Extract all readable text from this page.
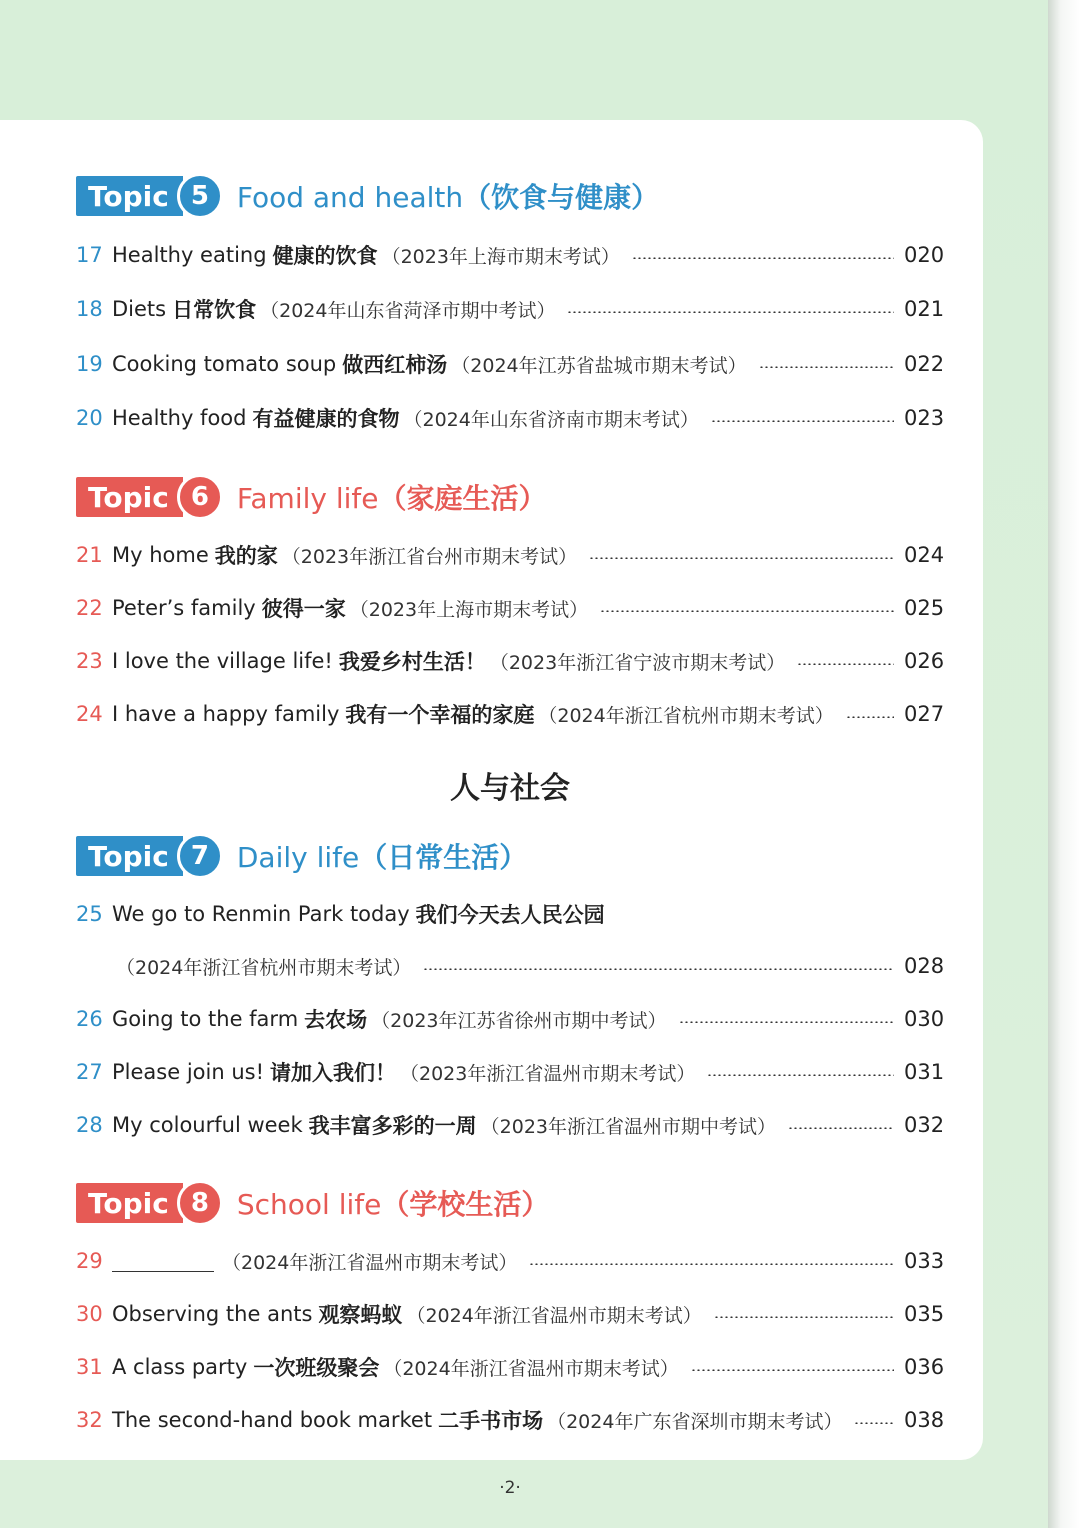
Topic 5 Food and health（饮食与健康）
17 Healthy eating 健康的饮食 （2023年上海市期末考试）	020
18 Diets 日常饮食 （2024年山东省菏泽市期中考试）	021
19 Cooking tomato soup 做西红柿汤 （2024年江苏省盐城市期末考试）	022
20 Healthy food 有益健康的食物 （2024年山东省济南市期末考试）	023
Topic 6 Family life（家庭生活）
21 My home 我的家 （2023年浙江省台州市期末考试）	024
22 Peter’s family 彼得一家 （2023年上海市期末考试）	025
23 I love the village life! 我爱乡村生活！ （2023年浙江省宁波市期末考试）	026
24 I have a happy family 我有一个幸福的家庭 （2024年浙江省杭州市期末考试）	027
人与社会
Topic 7 Daily life（日常生活）
25 We go to Renmin Park today 我们今天去人民公园
（2024年浙江省杭州市期末考试）	028
26 Going to the farm 去农场 （2023年江苏省徐州市期中考试）	030
27 Please join us! 请加入我们！ （2023年浙江省温州市期末考试）	031
28 My colourful week 我丰富多彩的一周 （2023年浙江省温州市期中考试）	032
Topic 8 School life（学校生活）
29	（2024年浙江省温州市期末考试）	033
30 Observing the ants 观察蚂蚁 （2024年浙江省温州市期末考试）	035
31 A class party 一次班级聚会 （2024年浙江省温州市期末考试）	036
32 The second-hand book market 二手书市场 （2024年广东省深圳市期末考试）	038
·2·
